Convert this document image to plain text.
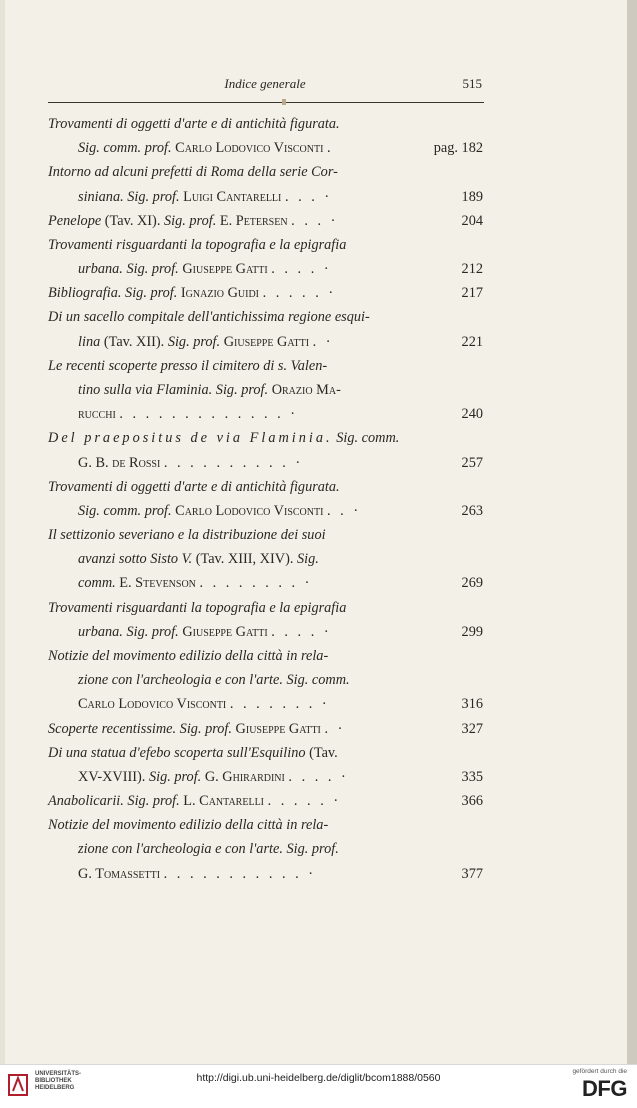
Indice generale	515
Trovamenti di oggetti d'arte e di antichità figurata.
Sig. comm. prof. Carlo Lodovico Visconti .	pag. 182
Intorno ad alcuni prefetti di Roma della serie Cor-
siniana. Sig. prof. Luigi Cantarelli . . . ·	189
Penelope (Tav. XI). Sig. prof. E. Petersen . . . ·	204
Trovamenti risguardanti la topografia e la epigrafia
urbana. Sig. prof. Giuseppe Gatti . . . . ·	212
Bibliografia. Sig. prof. Ignazio Guidi . . . . . ·	217
Di un sacello compitale dell'antichissima regione esqui-
lina (Tav. XII). Sig. prof. Giuseppe Gatti . ·	221
Le recenti scoperte presso il cimitero di s. Valen-
tino sulla via Flaminia. Sig. prof. Orazio Ma-
rucchi . . . . . . . . . . . . . ·	240
Del praepositus de via Flaminia. Sig. comm.
G. B. de Rossi . . . . . . . . . . ·	257
Trovamenti di oggetti d'arte e di antichità figurata.
Sig. comm. prof. Carlo Lodovico Visconti . . ·	263
Il settizonio severiano e la distribuzione dei suoi
avanzi sotto Sisto V. (Tav. XIII, XIV). Sig.
comm. E. Stevenson . . . . . . . . ·	269
Trovamenti risguardanti la topografia e la epigrafia
urbana. Sig. prof. Giuseppe Gatti . . . . ·	299
Notizie del movimento edilizio della città in rela-
zione con l'archeologia e con l'arte. Sig. comm.
Carlo Lodovico Visconti . . . . . . . ·	316
Scoperte recentissime. Sig. prof. Giuseppe Gatti . ·	327
Di una statua d'efebo scoperta sull'Esquilino (Tav.
XV-XVIII). Sig. prof. G. Ghirardini . . . . ·	335
Anabolicarii. Sig. prof. L. Cantarelli . . . . . ·	366
Notizie del movimento edilizio della città in rela-
zione con l'archeologia e con l'arte. Sig. prof.
G. Tomassetti . . . . . . . . . . . ·	377
UNIVERSITÄTS-
BIBLIOTHEK
HEIDELBERG
http://digi.ub.uni-heidelberg.de/diglit/bcom1888/0560
gefördert durch die
DFG
